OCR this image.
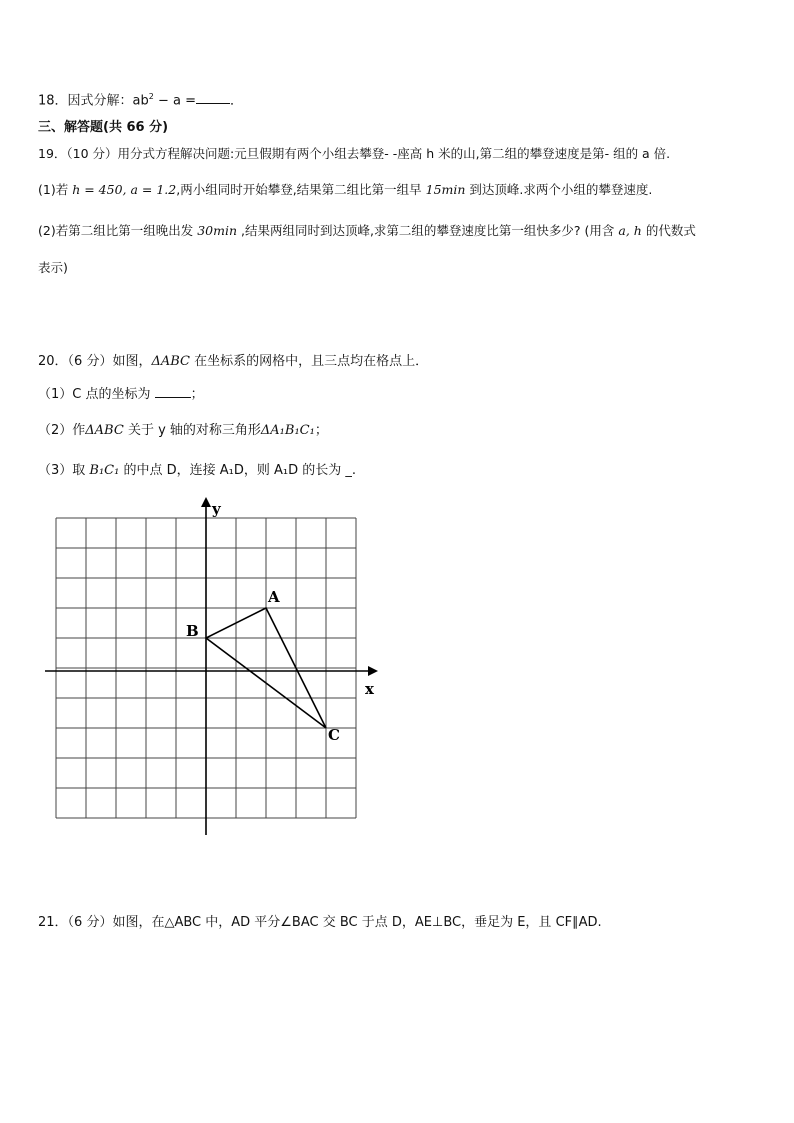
18．因式分解：$ab^2 - a$ =	．
三、解答题(共 66 分)
19．（10 分）用分式方程解决问题:元旦假期有两个小组去攀登- -座高 h 米的山,第二组的攀登速度是第- 组的 a 倍.
(1)若 h = 450, a = 1.2,两小组同时开始攀登,结果第二组比第一组早 15min 到达顶峰.求两个小组的攀登速度.
(2)若第二组比第一组晚出发 30min ,结果两组同时到达顶峰,求第二组的攀登速度比第一组快多少? (用含 a, h 的代数式
表示)
20．（6 分）如图，ΔABC 在坐标系的网格中，且三点均在格点上．
（1）C 点的坐标为	；
（2）作ΔABC 关于 y 轴的对称三角形ΔA₁B₁C₁；
（3）取 B₁C₁ 的中点 D，连接 A₁D，则 A₁D 的长为 _.
x
y
A
B
C
21．（6 分）如图，在△ABC 中，AD 平分∠BAC 交 BC 于点 D，AE⊥BC，垂足为 E，且 CF∥AD.
